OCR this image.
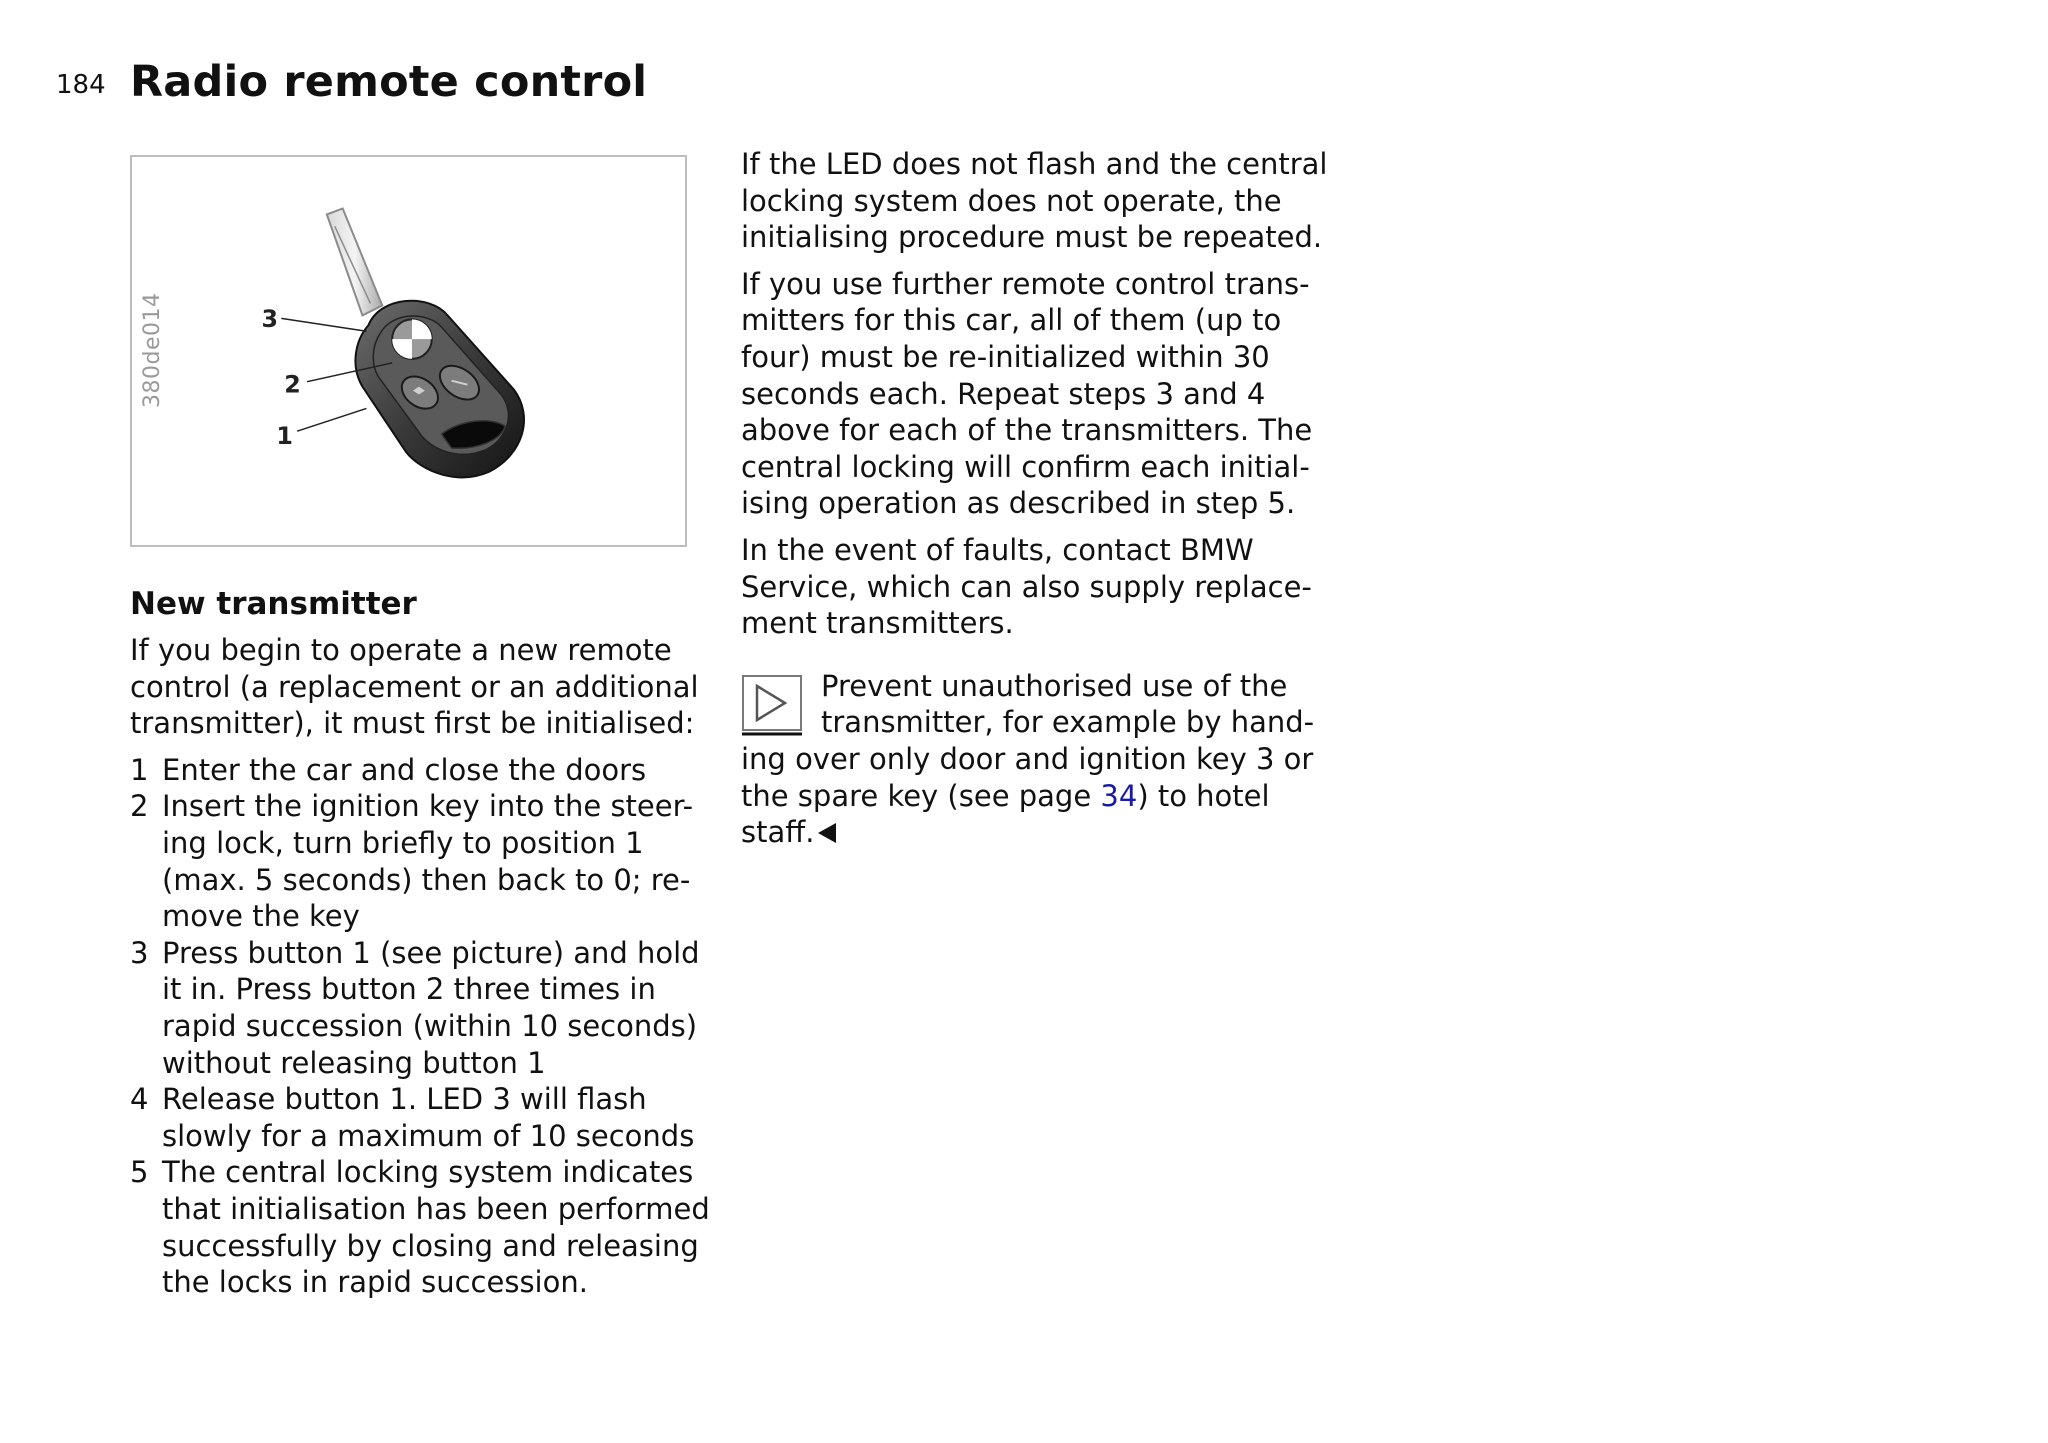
184 Radio remote control
3
2
1
380de014
New transmitter

If you begin to operate a new remote control (a replacement or an additional transmitter), it must first be initialised:

1 Enter the car and close the doors
2 Insert the ignition key into the steer-ing lock, turn briefly to position 1 (max. 5 seconds) then back to 0; re-move the key
3 Press button 1 (see picture) and hold it in. Press button 2 three times in rapid succession (within 10 seconds) without releasing button 1
4 Release button 1. LED 3 will flash slowly for a maximum of 10 seconds
5 The central locking system indicates that initialisation has been performed successfully by closing and releasing the locks in rapid succession.

If the LED does not flash and the central locking system does not operate, the initialising procedure must be repeated.

If you use further remote control trans-mitters for this car, all of them (up to four) must be re-initialized within 30 seconds each. Repeat steps 3 and 4 above for each of the transmitters. The central locking will confirm each initial-ising operation as described in step 5.

In the event of faults, contact BMW Service, which can also supply replace-ment transmitters.

Prevent unauthorised use of the transmitter, for example by hand-ing over only door and ignition key 3 or the spare key (see page 34) to hotel staff.
